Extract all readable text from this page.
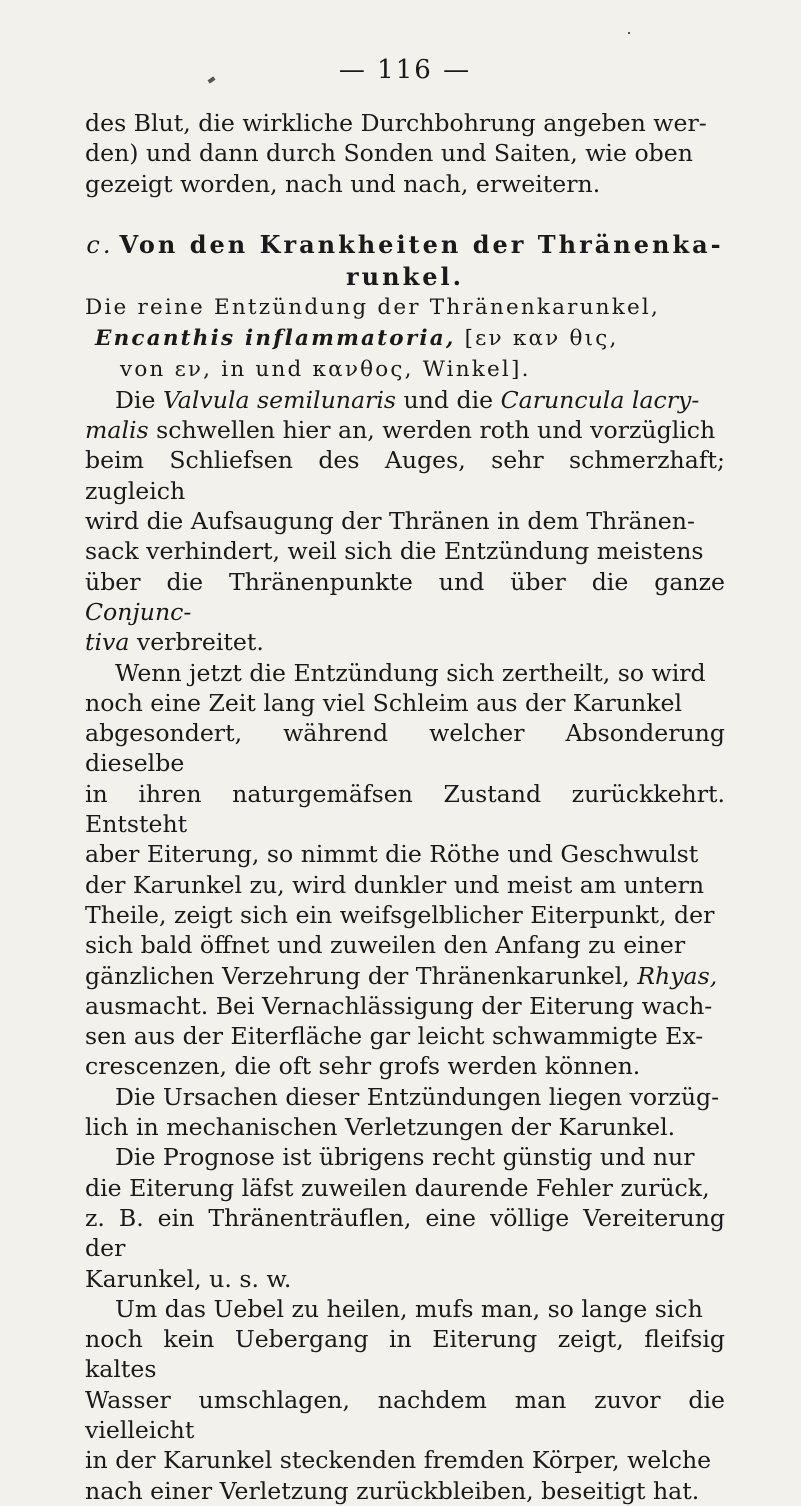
— 116 —

des Blut, die wirkliche Durchbohrung angeben wer-

den) und dann durch Sonden und Saiten, wie oben

gezeigt worden, nach und nach, erweitern.

c. Von den Krankheiten der Thränenka-

runkel.

Die reine Entzündung der Thränenkarunkel,

Encanthis inflammatoria, [εν καν θις,

von εν, in und κανθος, Winkel].

Die Valvula semilunaris und die Caruncula lacry-

malis schwellen hier an, werden roth und vorzüglich

beim Schliefsen des Auges, sehr schmerzhaft; zugleich

wird die Aufsaugung der Thränen in dem Thränen-

sack verhindert, weil sich die Entzündung meistens

über die Thränenpunkte und über die ganze Conjunc-

tiva verbreitet.

Wenn jetzt die Entzündung sich zertheilt, so wird

noch eine Zeit lang viel Schleim aus der Karunkel

abgesondert, während welcher Absonderung dieselbe

in ihren naturgemäfsen Zustand zurückkehrt. Entsteht

aber Eiterung, so nimmt die Röthe und Geschwulst

der Karunkel zu, wird dunkler und meist am untern

Theile, zeigt sich ein weifsgelblicher Eiterpunkt, der

sich bald öffnet und zuweilen den Anfang zu einer

gänzlichen Verzehrung der Thränenkarunkel, Rhyas,

ausmacht. Bei Vernachlässigung der Eiterung wach-

sen aus der Eiterfläche gar leicht schwammigte Ex-

crescenzen, die oft sehr grofs werden können.

Die Ursachen dieser Entzündungen liegen vorzüg-

lich in mechanischen Verletzungen der Karunkel.

Die Prognose ist übrigens recht günstig und nur

die Eiterung läfst zuweilen daurende Fehler zurück,

z. B. ein Thränenträuflen, eine völlige Vereiterung der

Karunkel, u. s. w.

Um das Uebel zu heilen, mufs man, so lange sich

noch kein Uebergang in Eiterung zeigt, fleifsig kaltes

Wasser umschlagen, nachdem man zuvor die vielleicht

in der Karunkel steckenden fremden Körper, welche

nach einer Verletzung zurückbleiben, beseitigt hat.
